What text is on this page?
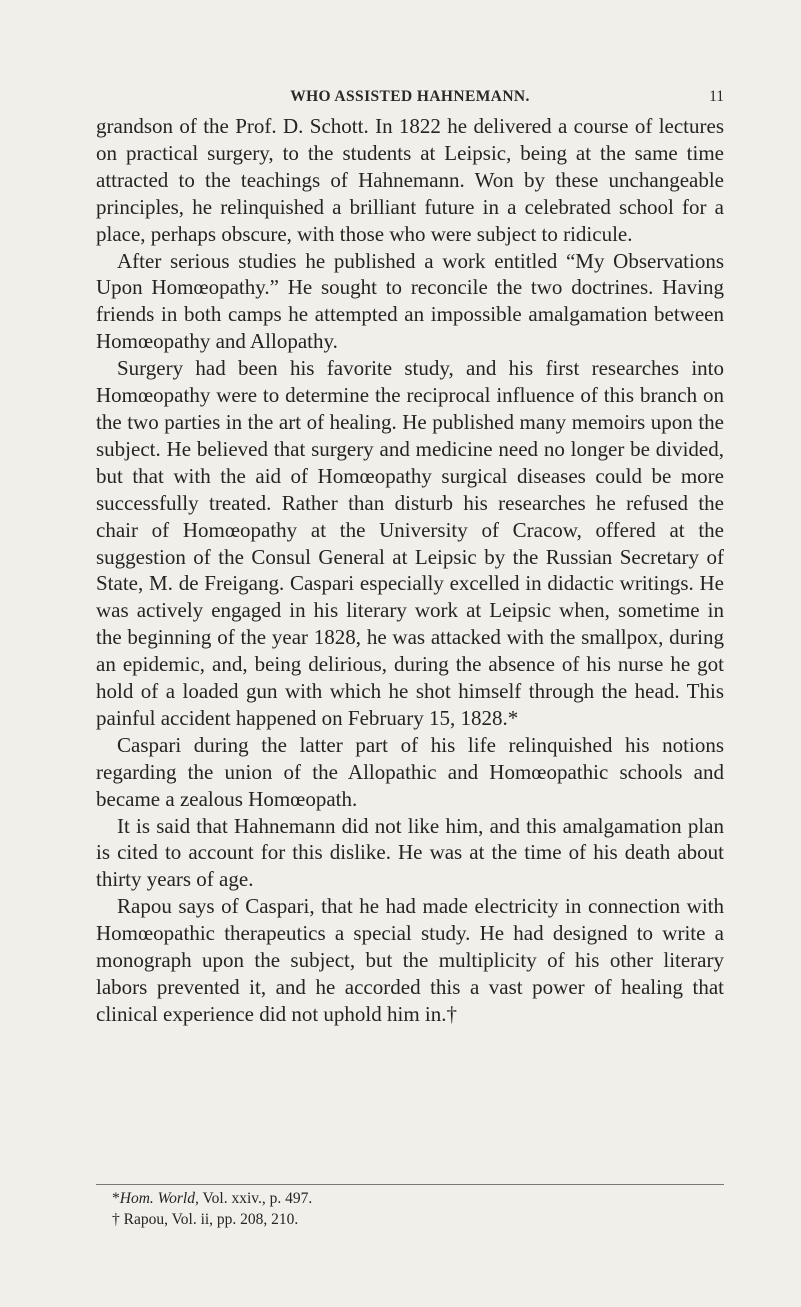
WHO ASSISTED HAHNEMANN.	11

grandson of the Prof. D. Schott. In 1822 he delivered a course of lectures on practical surgery, to the students at Leipsic, being at the same time attracted to the teachings of Hahnemann. Won by these unchangeable principles, he relinquished a brilliant future in a celebrated school for a place, perhaps obscure, with those who were subject to ridicule.

After serious studies he published a work entitled “My Observations Upon Homœopathy.” He sought to reconcile the two doctrines. Having friends in both camps he attempted an impossible amalgamation between Homœopathy and Allopathy.

Surgery had been his favorite study, and his first researches into Homœopathy were to determine the reciprocal influence of this branch on the two parties in the art of healing. He published many memoirs upon the subject. He believed that surgery and medicine need no longer be divided, but that with the aid of Homœopathy surgical diseases could be more successfully treated. Rather than disturb his researches he refused the chair of Homœopathy at the University of Cracow, offered at the suggestion of the Consul General at Leipsic by the Russian Secretary of State, M. de Freigang. Caspari especially excelled in didactic writings. He was actively engaged in his literary work at Leipsic when, sometime in the beginning of the year 1828, he was attacked with the smallpox, during an epidemic, and, being delirious, during the absence of his nurse he got hold of a loaded gun with which he shot himself through the head. This painful accident happened on February 15, 1828.*

Caspari during the latter part of his life relinquished his notions regarding the union of the Allopathic and Homœopathic schools and became a zealous Homœopath.

It is said that Hahnemann did not like him, and this amalgamation plan is cited to account for this dislike. He was at the time of his death about thirty years of age.

Rapou says of Caspari, that he had made electricity in connection with Homœopathic therapeutics a special study. He had designed to write a monograph upon the subject, but the multiplicity of his other literary labors prevented it, and he accorded this a vast power of healing that clinical experience did not uphold him in.†

*Hom. World, Vol. xxiv., p. 497.
† Rapou, Vol. ii, pp. 208, 210.
